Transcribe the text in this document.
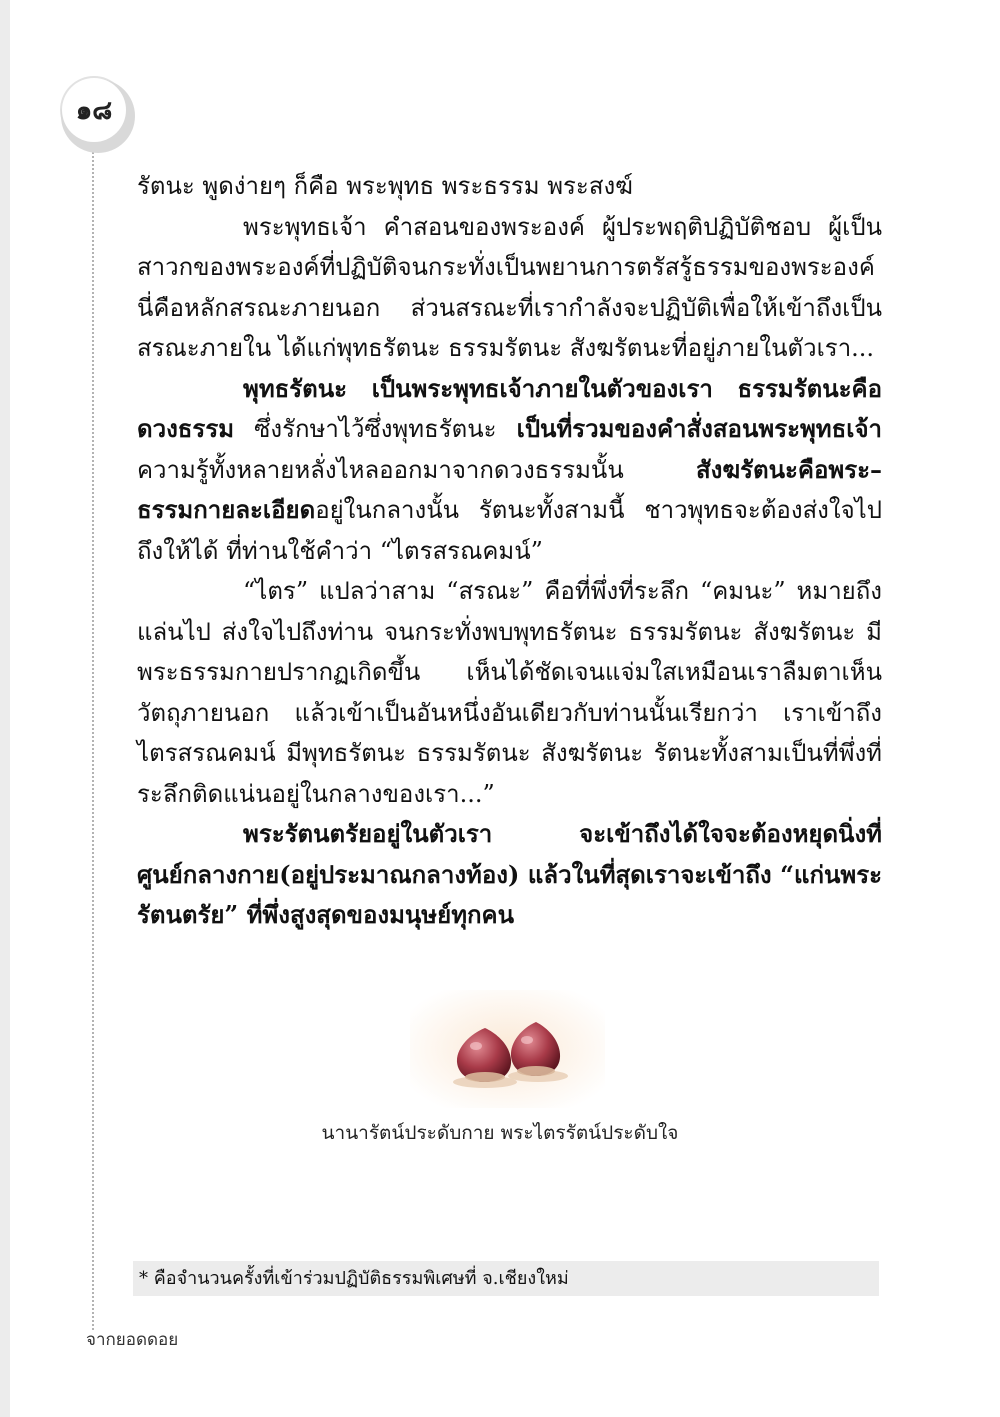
๑๘

รัตนะ พูดง่ายๆ ก็คือ พระพุทธ พระธรรม พระสงฆ์

พระพุทธเจ้า คำสอนของพระองค์ ผู้ประพฤติปฏิบัติชอบ ผู้เป็นสาวกของพระองค์ที่ปฏิบัติจนกระทั่งเป็นพยานการตรัสรู้ธรรมของพระองค์ นี่คือหลักสรณะภายนอก ส่วนสรณะที่เรากำลังจะปฏิบัติเพื่อให้เข้าถึงเป็นสรณะภายใน ได้แก่พุทธรัตนะ ธรรมรัตนะ สังฆรัตนะที่อยู่ภายในตัวเรา...

พุทธรัตนะ เป็นพระพุทธเจ้าภายในตัวของเรา ธรรมรัตนะคือดวงธรรม ซึ่งรักษาไว้ซึ่งพุทธรัตนะ เป็นที่รวมของคำสั่งสอนพระพุทธเจ้า ความรู้ทั้งหลายหลั่งไหลออกมาจากดวงธรรมนั้น สังฆรัตนะคือพระ–ธรรมกายละเอียดอยู่ในกลางนั้น รัตนะทั้งสามนี้ ชาวพุทธจะต้องส่งใจไปถึงให้ได้ ที่ท่านใช้คำว่า “ไตรสรณคมน์”

“ไตร” แปลว่าสาม “สรณะ” คือที่พึ่งที่ระลึก “คมนะ” หมายถึงแล่นไป ส่งใจไปถึงท่าน จนกระทั่งพบพุทธรัตนะ ธรรมรัตนะ สังฆรัตนะ มีพระธรรมกายปรากฏเกิดขึ้น เห็นได้ชัดเจนแจ่มใสเหมือนเราลืมตาเห็นวัตถุภายนอก แล้วเข้าเป็นอันหนึ่งอันเดียวกับท่านนั้นเรียกว่า เราเข้าถึงไตรสรณคมน์ มีพุทธรัตนะ ธรรมรัตนะ สังฆรัตนะ รัตนะทั้งสามเป็นที่พึ่งที่ระลึกติดแน่นอยู่ในกลางของเรา...”

พระรัตนตรัยอยู่ในตัวเรา จะเข้าถึงได้ใจจะต้องหยุดนิ่งที่ศูนย์กลางกาย(อยู่ประมาณกลางท้อง) แล้วในที่สุดเราจะเข้าถึง “แก่นพระรัตนตรัย” ที่พึ่งสูงสุดของมนุษย์ทุกคน

นานารัตน์ประดับกาย พระไตรรัตน์ประดับใจ
* คือจำนวนครั้งที่เข้าร่วมปฏิบัติธรรมพิเศษที่ จ.เชียงใหม่
จากยอดดอย
